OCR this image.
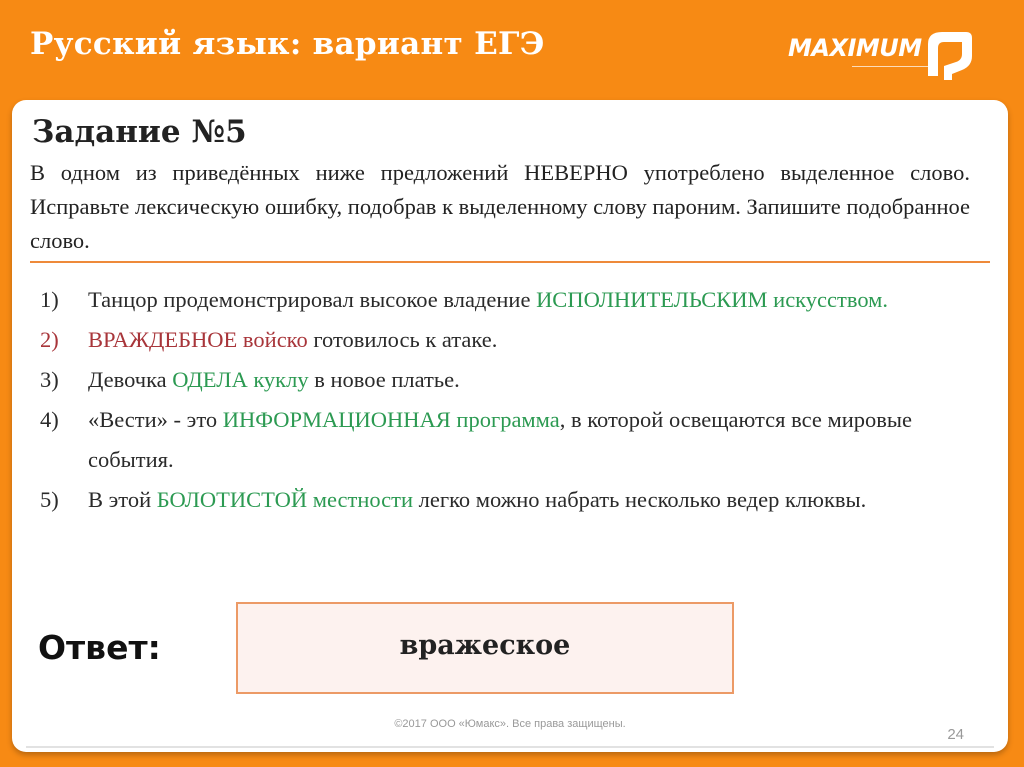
Русский язык: вариант ЕГЭ	MAXIMUM
Задание №5
В одном из приведённых ниже предложений НЕВЕРНО употреблено выделенное слово. Исправьте лексическую ошибку, подобрав к выделенному слову пароним. Запишите подобранное слово.
1) Танцор продемонстрировал высокое владение ИСПОЛНИТЕЛЬСКИМ искусством.
2) ВРАЖДЕБНОЕ войско готовилось к атаке.
3) Девочка ОДЕЛА куклу в новое платье.
4) «Вести» - это ИНФОРМАЦИОННАЯ программа, в которой освещаются все мировые события.
5) В этой БОЛОТИСТОЙ местности легко можно набрать несколько ведер клюквы.
Ответ:	вражеское
©2017 ООО «Юмакс». Все права защищены.
24
